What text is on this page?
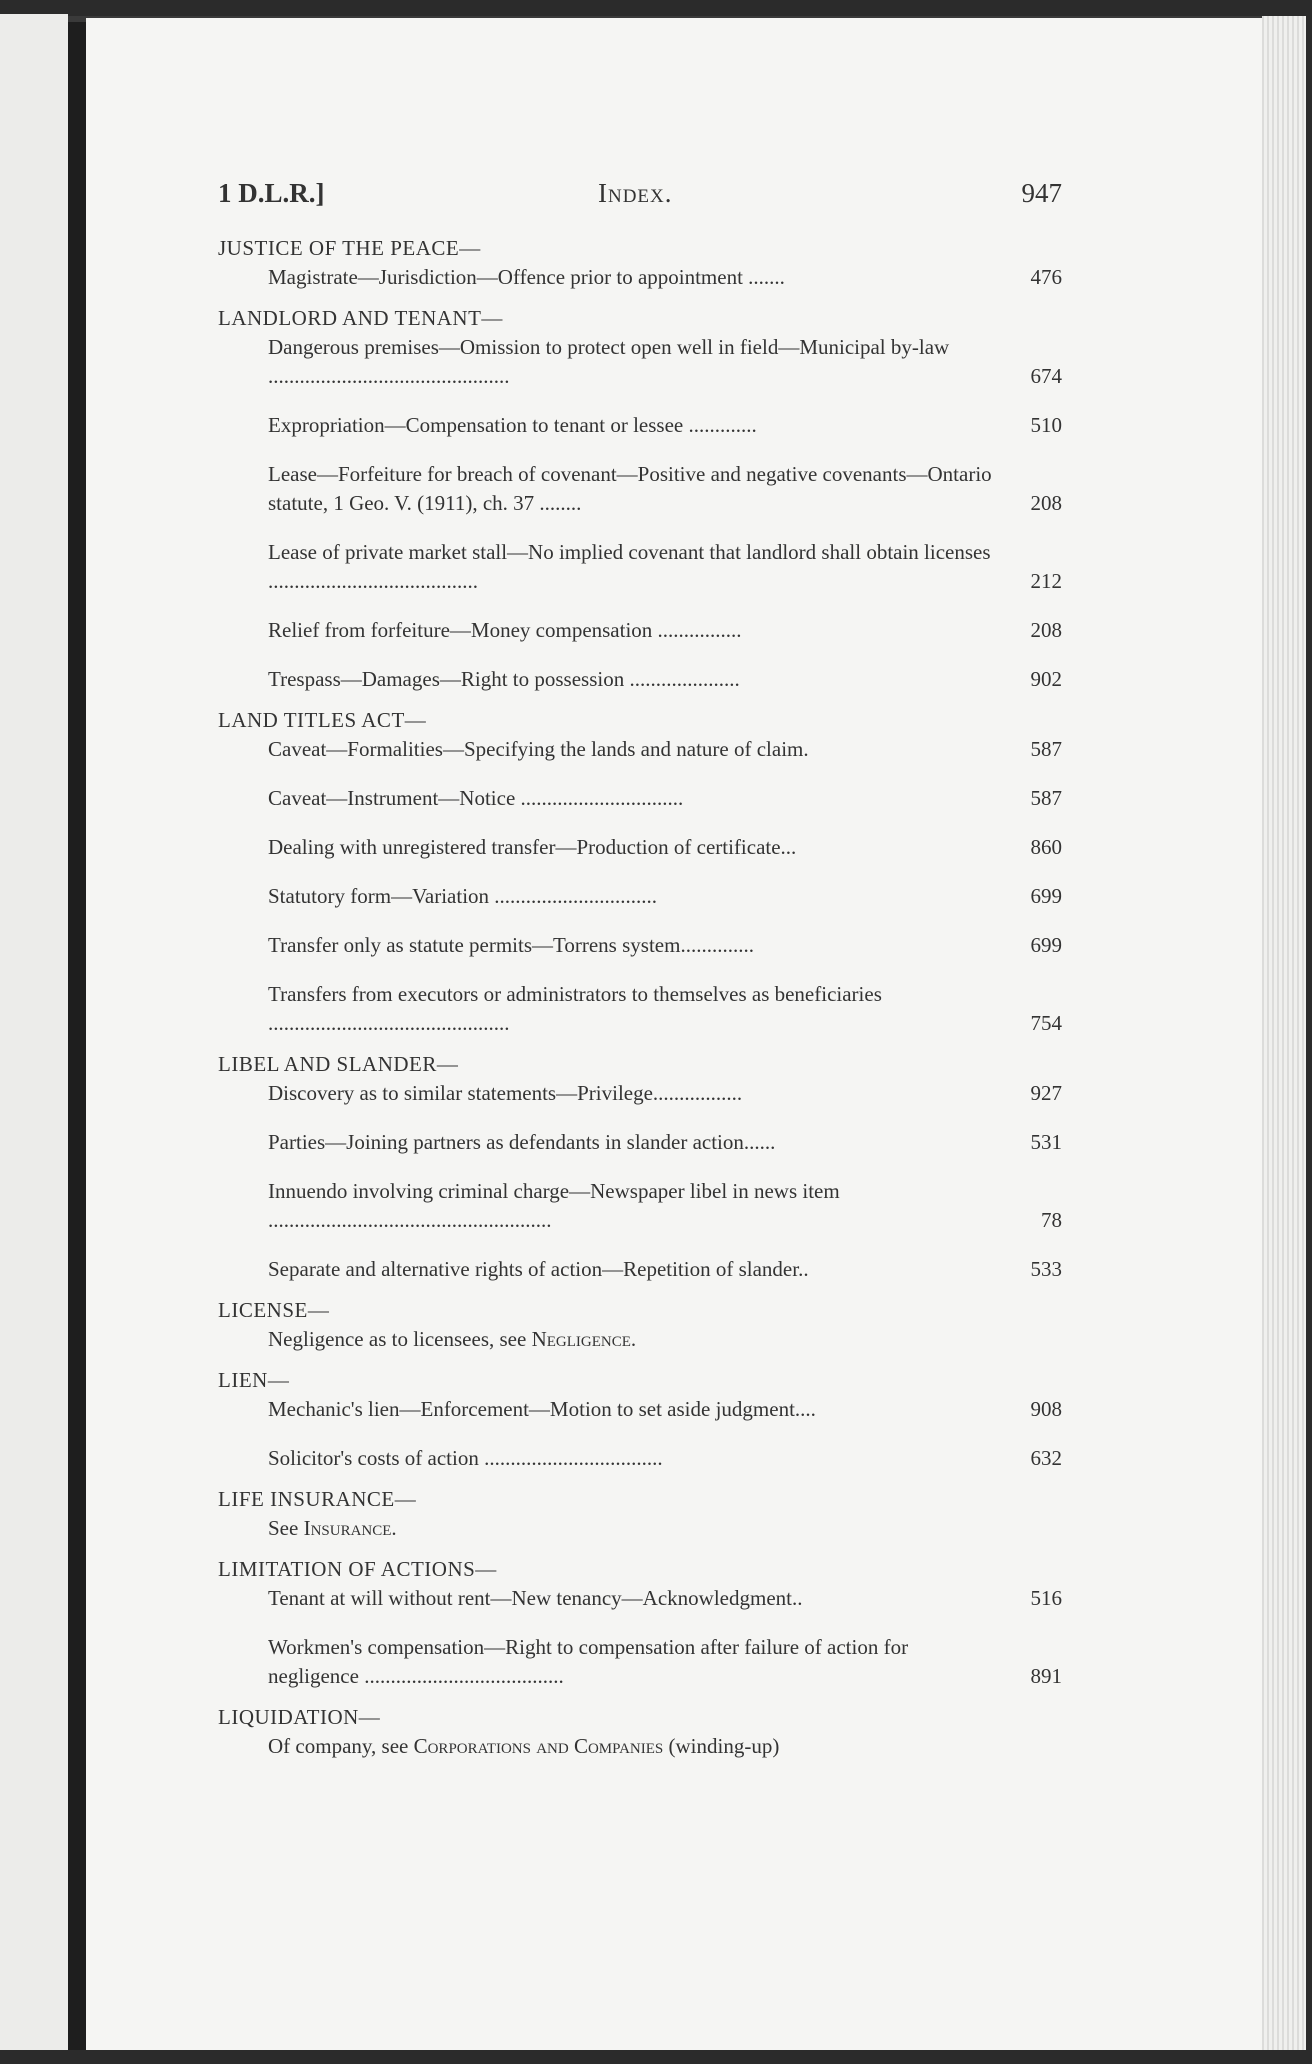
1 D.L.R.]	Index.	947
JUSTICE OF THE PEACE—
Magistrate—Jurisdiction—Offence prior to appointment .......	476
LANDLORD AND TENANT—
Dangerous premises—Omission to protect open well in field—Municipal by-law ..............................................	674
Expropriation—Compensation to tenant or lessee .............	510
Lease—Forfeiture for breach of covenant—Positive and negative covenants—Ontario statute, 1 Geo. V. (1911), ch. 37 ........	208
Lease of private market stall—No implied covenant that landlord shall obtain licenses ........................................	212
Relief from forfeiture—Money compensation ................	208
Trespass—Damages—Right to possession .....................	902
LAND TITLES ACT—
Caveat—Formalities—Specifying the lands and nature of claim.	587
Caveat—Instrument—Notice ...............................	587
Dealing with unregistered transfer—Production of certificate...	860
Statutory form—Variation ...............................	699
Transfer only as statute permits—Torrens system..............	699
Transfers from executors or administrators to themselves as beneficiaries ..............................................	754
LIBEL AND SLANDER—
Discovery as to similar statements—Privilege.................	927
Parties—Joining partners as defendants in slander action......	531
Innuendo involving criminal charge—Newspaper libel in news item ......................................................	78
Separate and alternative rights of action—Repetition of slander..	533
LICENSE—
Negligence as to licensees, see Negligence.
LIEN—
Mechanic's lien—Enforcement—Motion to set aside judgment....	908
Solicitor's costs of action ..................................	632
LIFE INSURANCE—
See Insurance.
LIMITATION OF ACTIONS—
Tenant at will without rent—New tenancy—Acknowledgment..	516
Workmen's compensation—Right to compensation after failure of action for negligence ......................................	891
LIQUIDATION—
Of company, see Corporations and Companies (winding-up)
